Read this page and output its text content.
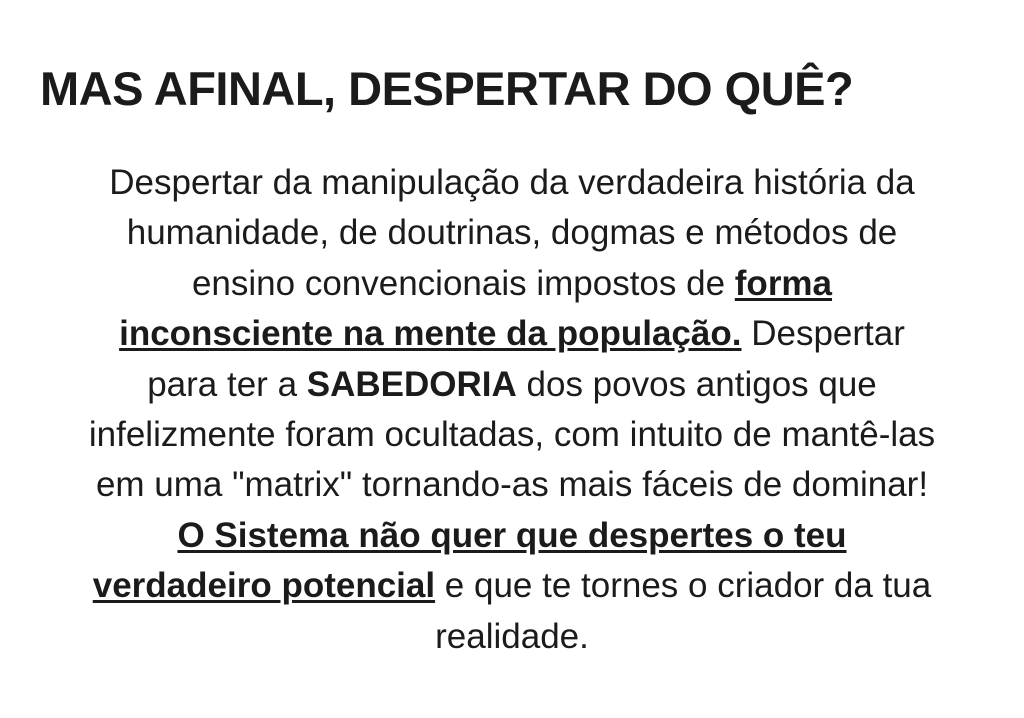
MAS AFINAL, DESPERTAR DO QUÊ?

Despertar da manipulação da verdadeira história da humanidade, de doutrinas, dogmas e métodos de ensino convencionais impostos de forma inconsciente na mente da população. Despertar para ter a SABEDORIA dos povos antigos que infelizmente foram ocultadas, com intuito de mantê-las em uma "matrix" tornando-as mais fáceis de dominar! O Sistema não quer que despertes o teu verdadeiro potencial e que te tornes o criador da tua realidade.
